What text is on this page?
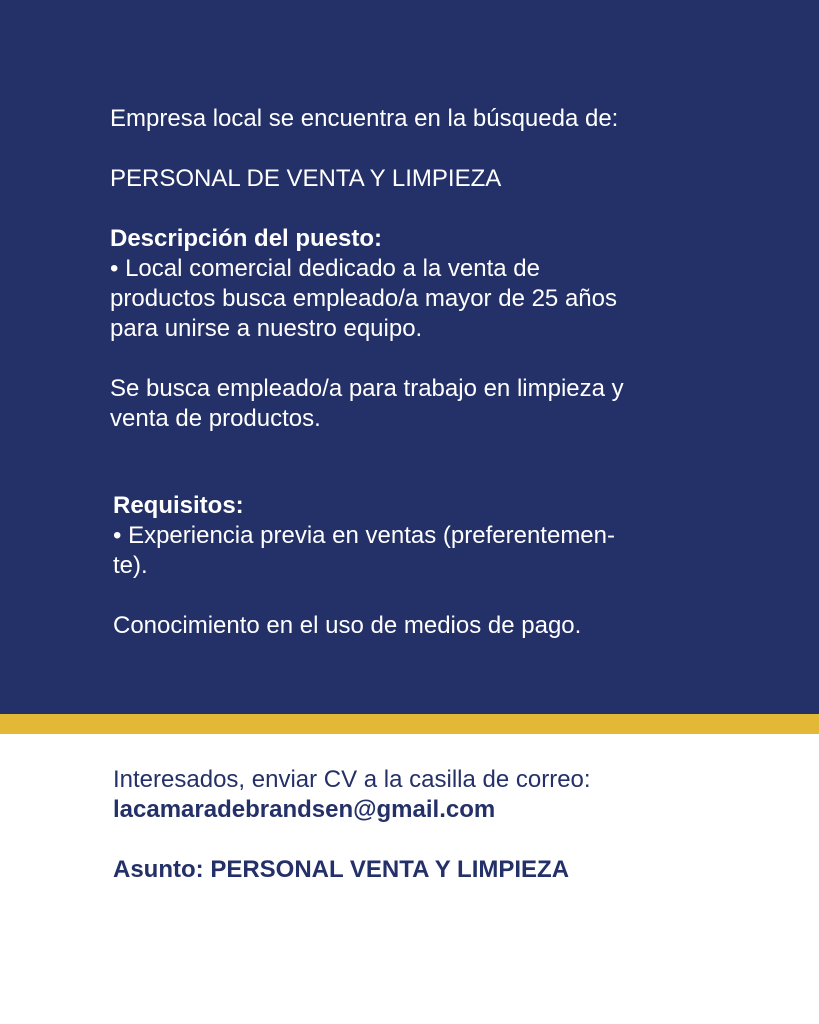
Empresa local se encuentra en la búsqueda de:

PERSONAL DE VENTA Y LIMPIEZA

Descripción del puesto:

• Local comercial dedicado a la venta de

productos busca empleado/a mayor de 25 años

para unirse a nuestro equipo.

Se busca empleado/a para trabajo en limpieza y

venta de productos.

Requisitos:

• Experiencia previa en ventas (preferentemen-

te).

Conocimiento en el uso de medios de pago.

Interesados, enviar CV a la casilla de correo:

lacamaradebrandsen@gmail.com

Asunto: PERSONAL VENTA Y LIMPIEZA
